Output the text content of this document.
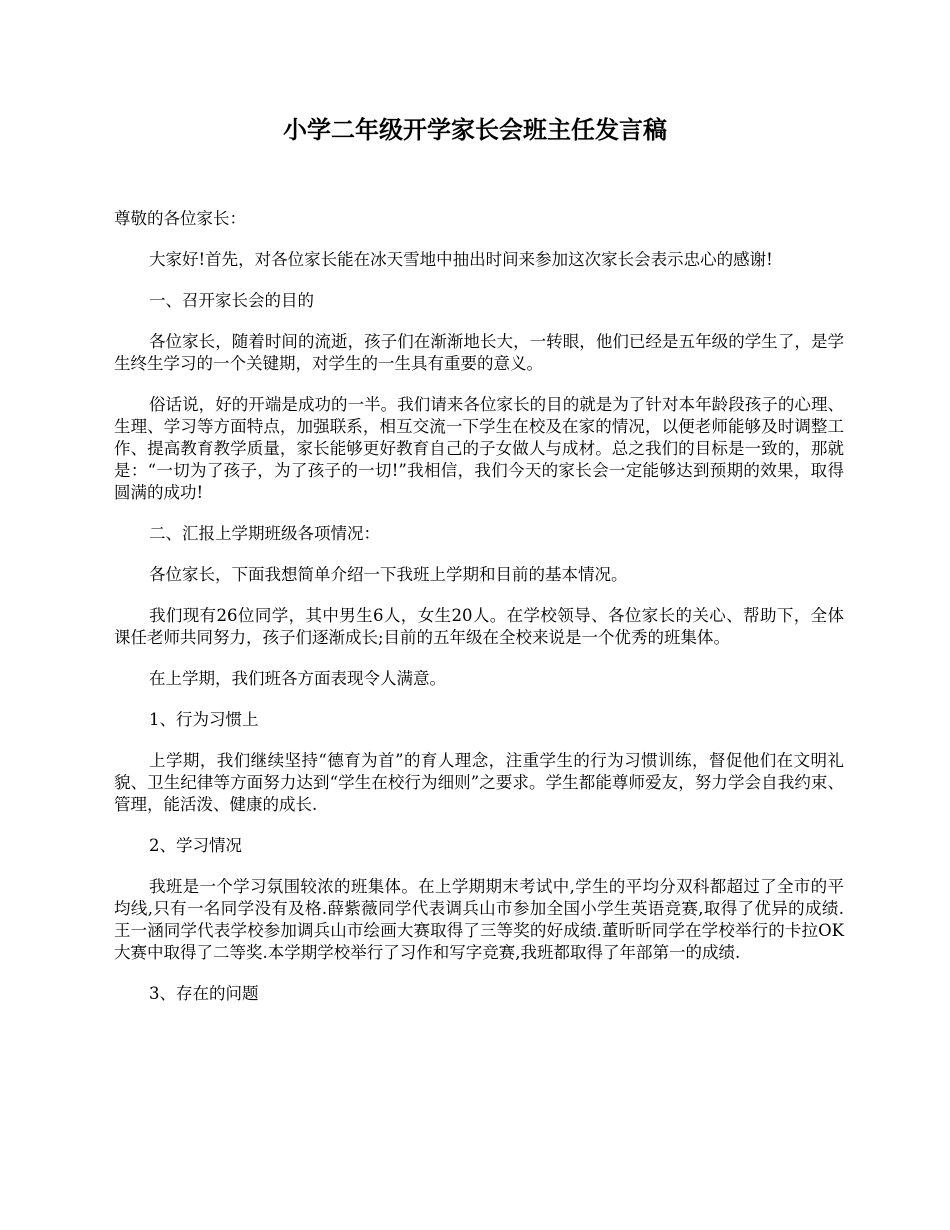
小学二年级开学家长会班主任发言稿

尊敬的各位家长：

大家好!首先，对各位家长能在冰天雪地中抽出时间来参加这次家长会表示忠心的感谢!

一、召开家长会的目的

各位家长，随着时间的流逝，孩子们在渐渐地长大，一转眼，他们已经是五年级的学生了，是学生终生学习的一个关键期，对学生的一生具有重要的意义。

俗话说，好的开端是成功的一半。我们请来各位家长的目的就是为了针对本年龄段孩子的心理、生理、学习等方面特点，加强联系，相互交流一下学生在校及在家的情况，以便老师能够及时调整工作、提高教育教学质量，家长能够更好教育自己的子女做人与成材。总之我们的目标是一致的，那就是：“一切为了孩子，为了孩子的一切!”我相信，我们今天的家长会一定能够达到预期的效果，取得圆满的成功!

二、汇报上学期班级各项情况：

各位家长，下面我想简单介绍一下我班上学期和目前的基本情况。

我们现有26位同学，其中男生6人，女生20人。在学校领导、各位家长的关心、帮助下，全体课任老师共同努力，孩子们逐渐成长;目前的五年级在全校来说是一个优秀的班集体。

在上学期，我们班各方面表现令人满意。

1、行为习惯上

上学期，我们继续坚持“德育为首”的育人理念，注重学生的行为习惯训练，督促他们在文明礼貌、卫生纪律等方面努力达到“学生在校行为细则”之要求。学生都能尊师爱友，努力学会自我约束、管理，能活泼、健康的成长.

2、学习情况

我班是一个学习氛围较浓的班集体。在上学期期末考试中,学生的平均分双科都超过了全市的平均线,只有一名同学没有及格.薛紫薇同学代表调兵山市参加全国小学生英语竞赛,取得了优异的成绩.王一涵同学代表学校参加调兵山市绘画大赛取得了三等奖的好成绩.董昕昕同学在学校举行的卡拉OK大赛中取得了二等奖.本学期学校举行了习作和写字竞赛,我班都取得了年部第一的成绩.

3、存在的问题
